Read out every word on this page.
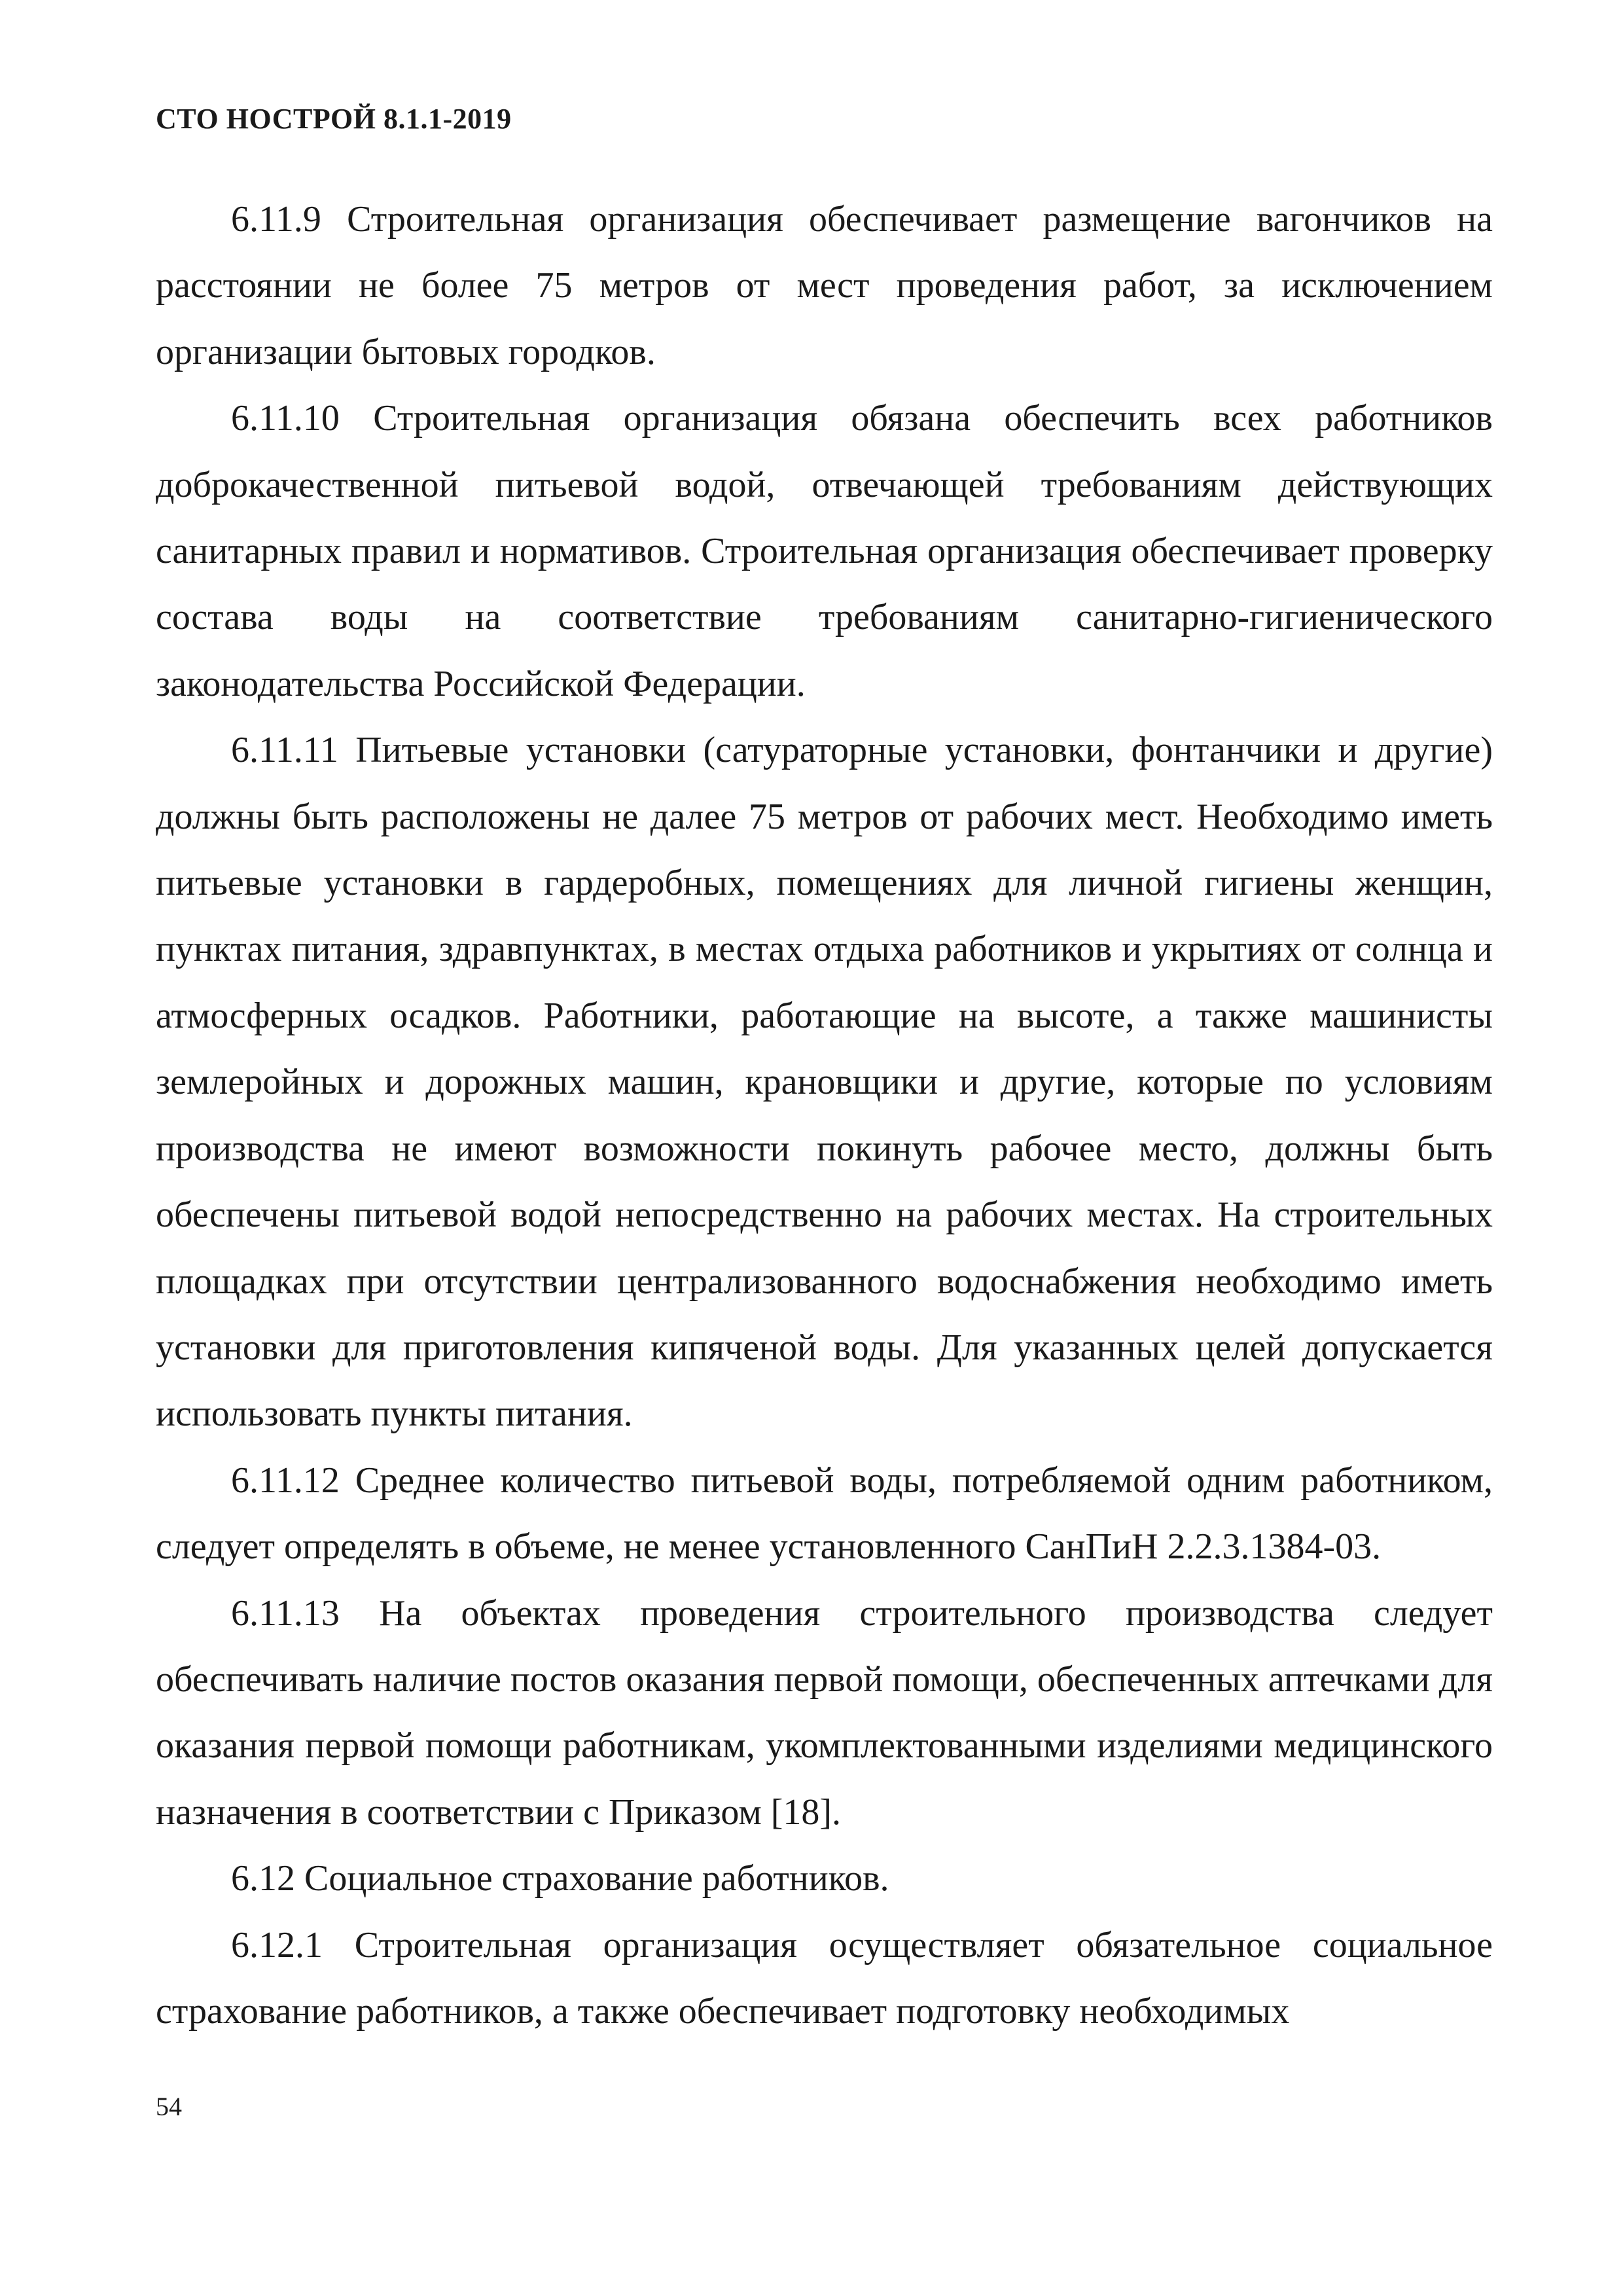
СТО НОСТРОЙ 8.1.1-2019

6.11.9 Строительная организация обеспечивает размещение вагончиков на расстоянии не более 75 метров от мест проведения работ, за исключением организации бытовых городков.

6.11.10 Строительная организация обязана обеспечить всех работников доброкачественной питьевой водой, отвечающей требованиям действующих санитарных правил и нормативов. Строительная организация обеспечивает проверку состава воды на соответствие требованиям санитарно-гигиенического законодательства Российской Федерации.

6.11.11 Питьевые установки (сатураторные установки, фонтанчики и другие) должны быть расположены не далее 75 метров от рабочих мест. Необходимо иметь питьевые установки в гардеробных, помещениях для личной гигиены женщин, пунктах питания, здравпунктах, в местах отдыха работников и укрытиях от солнца и атмосферных осадков. Работники, работающие на высоте, а также машинисты землеройных и дорожных машин, крановщики и другие, которые по условиям производства не имеют возможности покинуть рабочее место, должны быть обеспечены питьевой водой непосредственно на рабочих местах. На строительных площадках при отсутствии централизованного водоснабжения необходимо иметь установки для приготовления кипяченой воды. Для указанных целей допускается использовать пункты питания.

6.11.12 Среднее количество питьевой воды, потребляемой одним работником, следует определять в объеме, не менее установленного СанПиН 2.2.3.1384-03.

6.11.13 На объектах проведения строительного производства следует обеспечивать наличие постов оказания первой помощи, обеспеченных аптечками для оказания первой помощи работникам, укомплектованными изделиями медицинского назначения в соответствии с Приказом [18].

6.12 Социальное страхование работников.

6.12.1 Строительная организация осуществляет обязательное социальное страхование работников, а также обеспечивает подготовку необходимых

54
